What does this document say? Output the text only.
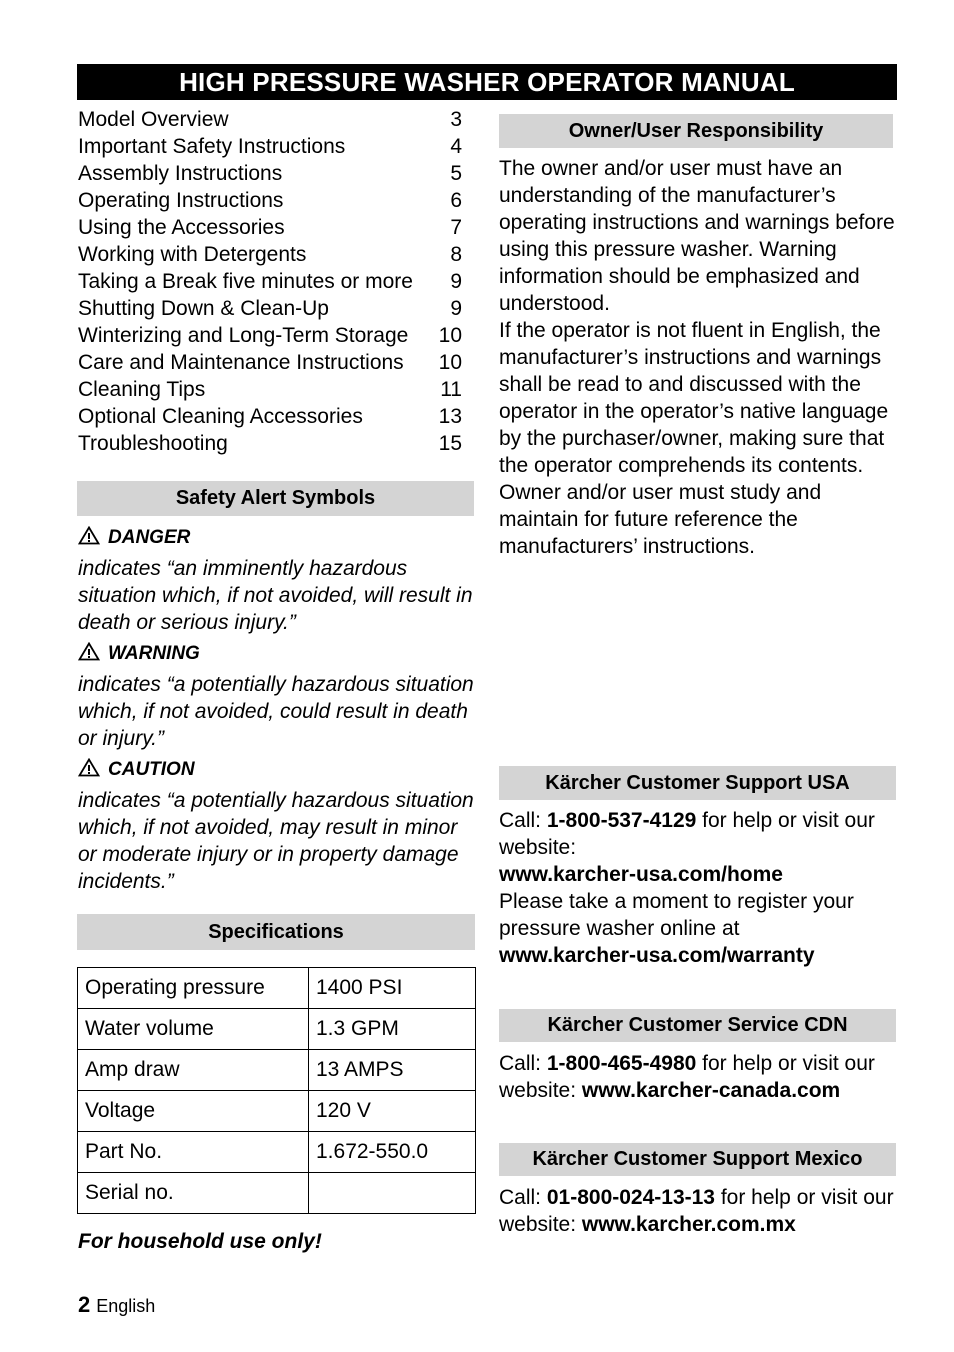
HIGH PRESSURE WASHER OPERATOR MANUAL
Model Overview	3
Important Safety Instructions	4
Assembly Instructions	5
Operating Instructions	6
Using the Accessories	7
Working with Detergents	8
Taking a Break five minutes or more 9
Shutting Down & Clean-Up	9
Winterizing and Long-Term Storage 10
Care and Maintenance Instructions 10
Cleaning Tips	11
Optional Cleaning Accessories	13
Troubleshooting	15
Safety Alert Symbols
DANGER
indicates “an imminently hazardous situation which, if not avoided, will result in death or serious injury.”
WARNING
indicates “a potentially hazardous situation which, if not avoided, could result in death or injury.”
CAUTION
indicates “a potentially hazardous situation which, if not avoided, may result in minor or moderate injury or in property damage incidents.”
Specifications
Operating pressure	1400 PSI
Water volume	1.3 GPM
Amp draw	13 AMPS
Voltage	120 V
Part No.	1.672-550.0
Serial no.	
For household use only!
2 English
Owner/User Responsibility

The owner and/or user must have an understanding of the manufacturer’s operating instructions and warnings before using this pressure washer. Warning information should be emphasized and understood.

If the operator is not fluent in English, the manufacturer’s instructions and warnings shall be read to and discussed with the operator in the operator’s native language by the purchaser/owner, making sure that the operator comprehends its contents.

Owner and/or user must study and maintain for future reference the manufacturers’ instructions.

Kärcher Customer Support USA

Call: 1-800-537-4129 for help or visit our website:

www.karcher-usa.com/home

Please take a moment to register your pressure washer online at

www.karcher-usa.com/warranty

Kärcher Customer Service CDN

Call: 1-800-465-4980 for help or visit our website: www.karcher-canada.com

Kärcher Customer Support Mexico

Call: 01-800-024-13-13 for help or visit our website: www.karcher.com.mx
